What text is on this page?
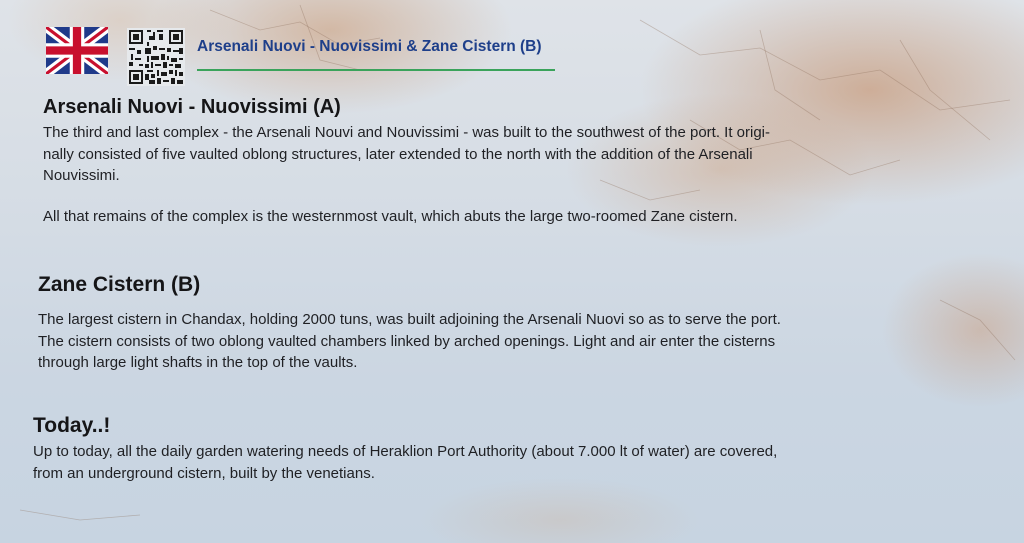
Arsenali Nuovi - Nuovissimi & Zane Cistern (B)
Arsenali Nuovi - Nuovissimi (A)
The third and last complex - the Arsenali Nouvi and Nouvissimi - was built to the southwest of the port. It origi-
nally consisted of five vaulted oblong structures, later extended to the north with the addition of the Arsenali
Nouvissimi.
All that remains of the complex is the westernmost vault, which abuts the large two-roomed Zane cistern.
Zane Cistern (B)
The largest cistern in Chandax, holding 2000 tuns, was built adjoining the Arsenali Nuovi so as to serve the port.
The cistern consists of two oblong vaulted chambers linked by arched openings. Light and air enter the cisterns
through large light shafts in the top of the vaults.
Today..!
Up to today, all the daily garden watering needs of Heraklion Port Authority (about 7.000 lt of water) are covered,
from an underground cistern, built by the venetians.
